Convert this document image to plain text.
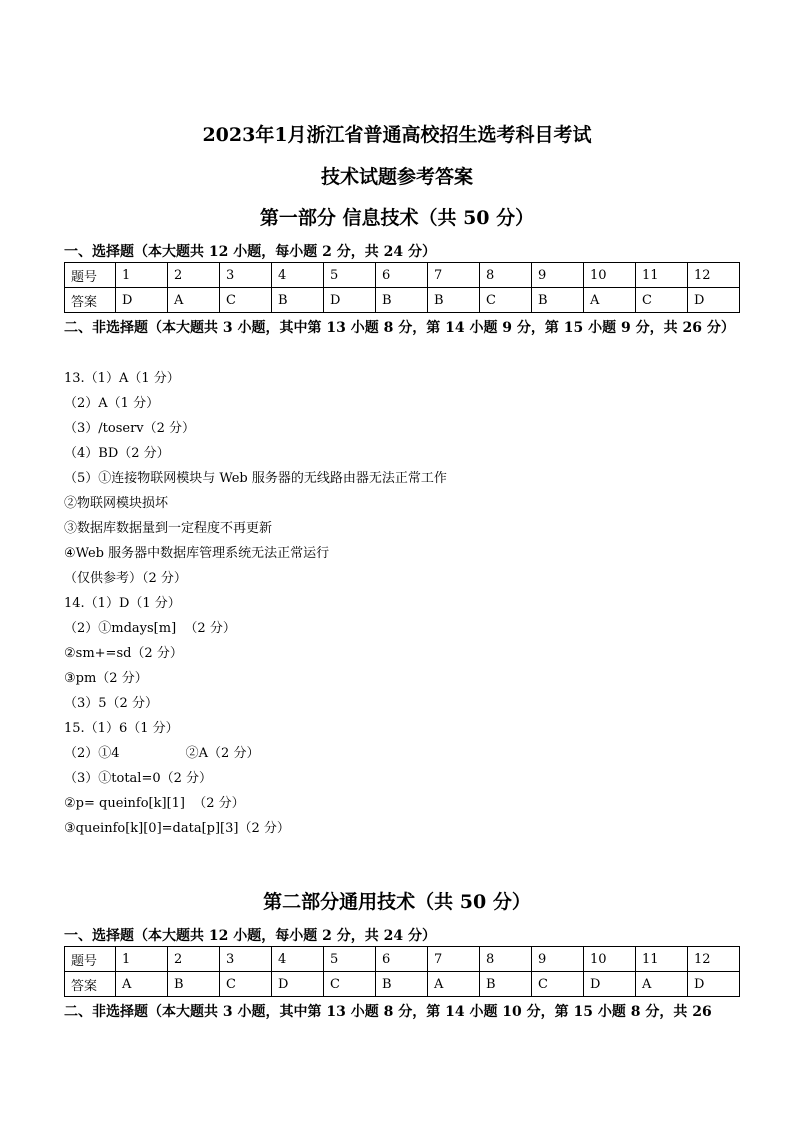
2023年1月浙江省普通高校招生选考科目考试
技术试题参考答案
第一部分 信息技术（共 50 分）
一、选择题（本大题共 12 小题，每小题 2 分，共 24 分）
题号	1	2	3	4	5	6	7	8	9	10	11	12
答案	D	A	C	B	D	B	B	C	B	A	C	D
二、非选择题（本大题共 3 小题，其中第 13 小题 8 分，第 14 小题 9 分，第 15 小题 9 分，共 26 分）
13.（1）A（1 分）
（2）A（1 分）
（3）/toserv（2 分）
（4）BD（2 分）
（5）①连接物联网模块与 Web 服务器的无线路由器无法正常工作
②物联网模块损坏
③数据库数据量到一定程度不再更新
④Web 服务器中数据库管理系统无法正常运行
（仅供参考）（2 分）
14.（1）D（1 分）
（2）①mdays[m]  （2 分）
②sm+=sd（2 分）
③pm（2 分）
（3）5（2 分）
15.（1）6（1 分）
（2）①4                ②A（2 分）
（3）①total=0（2 分）
②p= queinfo[k][1]  （2 分）
③queinfo[k][0]=data[p][3]（2 分）
第二部分通用技术（共 50 分）
一、选择题（本大题共 12 小题，每小题 2 分，共 24 分）
题号	1	2	3	4	5	6	7	8	9	10	11	12
答案	A	B	C	D	C	B	A	B	C	D	A	D
二、非选择题（本大题共 3 小题，其中第 13 小题 8 分，第 14 小题 10 分，第 15 小题 8 分，共 26
